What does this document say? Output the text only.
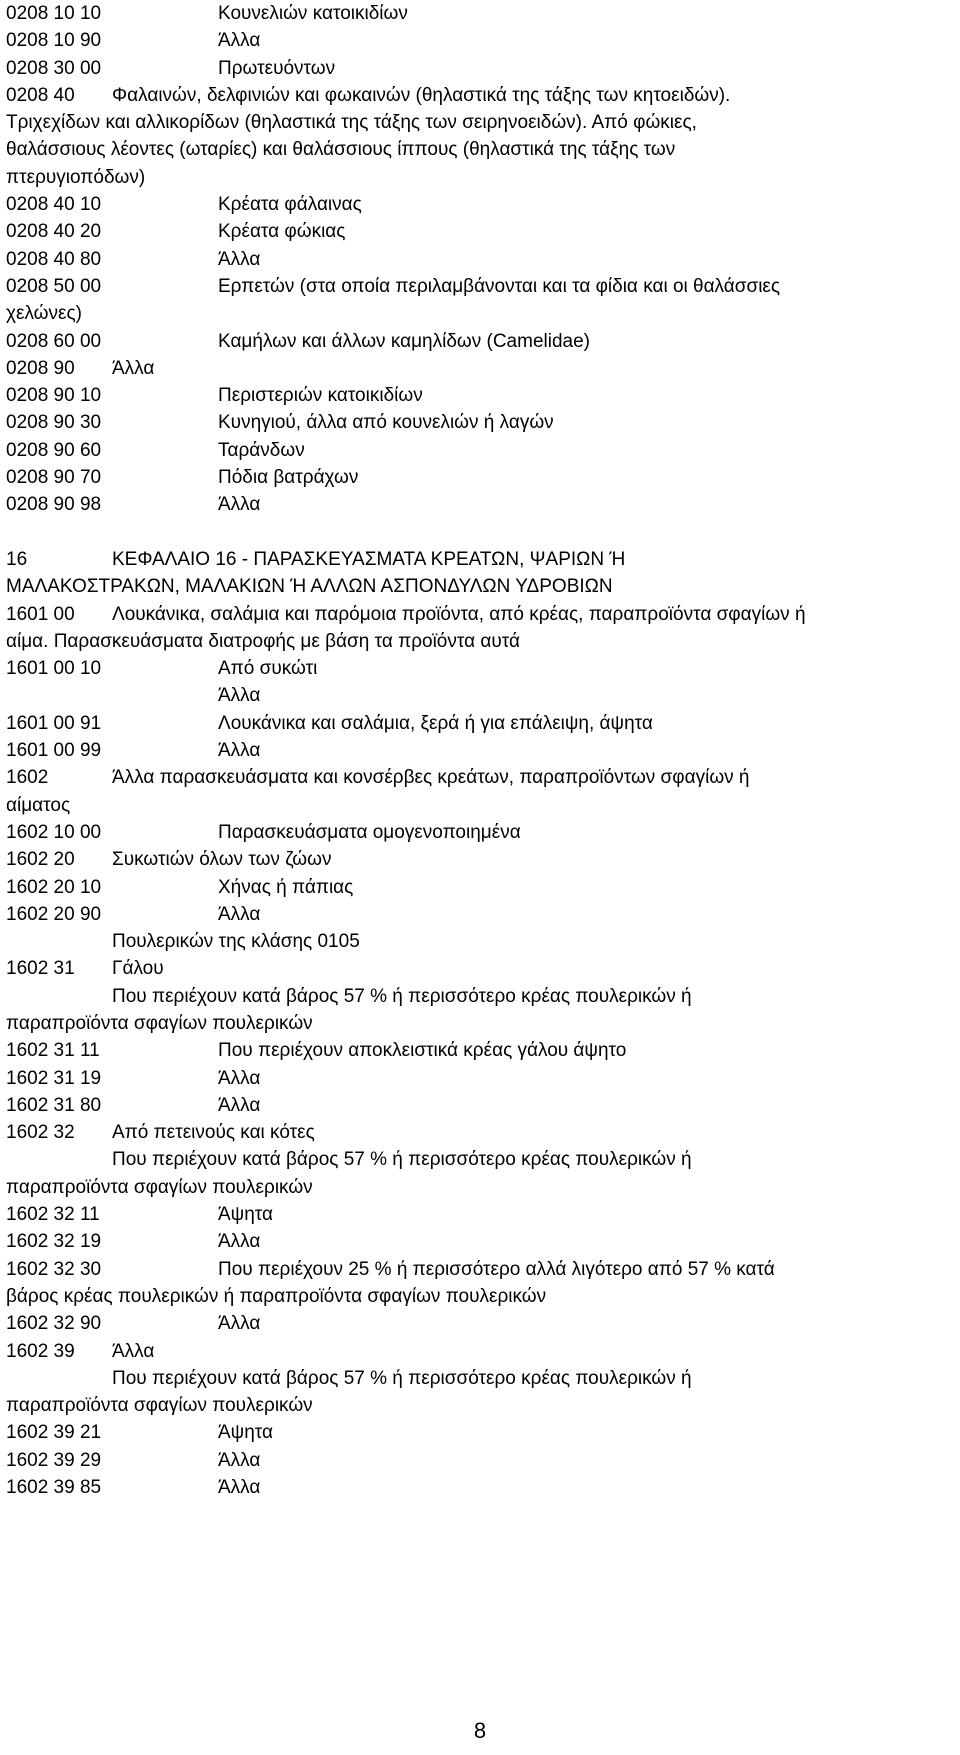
0208 10 10	Κουνελιών κατοικιδίων
0208 10 90	Άλλα
0208 30 00	Πρωτευόντων
0208 40 Φαλαινών, δελφινιών και φωκαινών (θηλαστικά της τάξης των κητοειδών).
Τριχεχίδων και αλλικορίδων (θηλαστικά της τάξης των σειρηνοειδών). Από φώκιες,
θαλάσσιους λέοντες (ωταρίες) και θαλάσσιους ίππους (θηλαστικά της τάξης των
πτερυγιοπόδων)
0208 40 10	Κρέατα φάλαινας
0208 40 20	Κρέατα φώκιας
0208 40 80	Άλλα
0208 50 00	Ερπετών (στα οποία περιλαμβάνονται και τα φίδια και οι θαλάσσιες
χελώνες)
0208 60 00	Καμήλων και άλλων καμηλίδων (Camelidae)
0208 90 Άλλα
0208 90 10	Περιστεριών κατοικιδίων
0208 90 30	Κυνηγιού, άλλα από κουνελιών ή λαγών
0208 90 60	Ταράνδων
0208 90 70	Πόδια βατράχων
0208 90 98	Άλλα
16	ΚΕΦΑΛΑΙΟ 16 - ΠΑΡΑΣΚΕΥΑΣΜΑΤΑ ΚΡΕΑΤΩΝ, ΨΑΡΙΩΝ Ή
ΜΑΛΑΚΟΣΤΡΑΚΩΝ, ΜΑΛΑΚΙΩΝ Ή ΑΛΛΩΝ ΑΣΠΟΝΔΥΛΩΝ ΥΔΡΟΒΙΩΝ
1601 00 Λουκάνικα, σαλάμια και παρόμοια προϊόντα, από κρέας, παραπροϊόντα σφαγίων ή
αίμα. Παρασκευάσματα διατροφής με βάση τα προϊόντα αυτά
1601 00 10	Από συκώτι
Άλλα
1601 00 91	Λουκάνικα και σαλάμια, ξερά ή για επάλειψη, άψητα
1601 00 99	Άλλα
1602	Άλλα παρασκευάσματα και κονσέρβες κρεάτων, παραπροϊόντων σφαγίων ή
αίματος
1602 10 00	Παρασκευάσματα ομογενοποιημένα
1602 20 Συκωτιών όλων των ζώων
1602 20 10	Χήνας ή πάπιας
1602 20 90	Άλλα
Πουλερικών της κλάσης 0105
1602 31 Γάλου
Που περιέχουν κατά βάρος 57 % ή περισσότερο κρέας πουλερικών ή
παραπροϊόντα σφαγίων πουλερικών
1602 31 11	Που περιέχουν αποκλειστικά κρέας γάλου άψητο
1602 31 19	Άλλα
1602 31 80	Άλλα
1602 32 Από πετεινούς και κότες
Που περιέχουν κατά βάρος 57 % ή περισσότερο κρέας πουλερικών ή
παραπροϊόντα σφαγίων πουλερικών
1602 32 11	Άψητα
1602 32 19	Άλλα
1602 32 30	Που περιέχουν 25 % ή περισσότερο αλλά λιγότερο από 57 % κατά
βάρος κρέας πουλερικών ή παραπροϊόντα σφαγίων πουλερικών
1602 32 90	Άλλα
1602 39 Άλλα
Που περιέχουν κατά βάρος 57 % ή περισσότερο κρέας πουλερικών ή
παραπροϊόντα σφαγίων πουλερικών
1602 39 21	Άψητα
1602 39 29	Άλλα
1602 39 85	Άλλα
8
